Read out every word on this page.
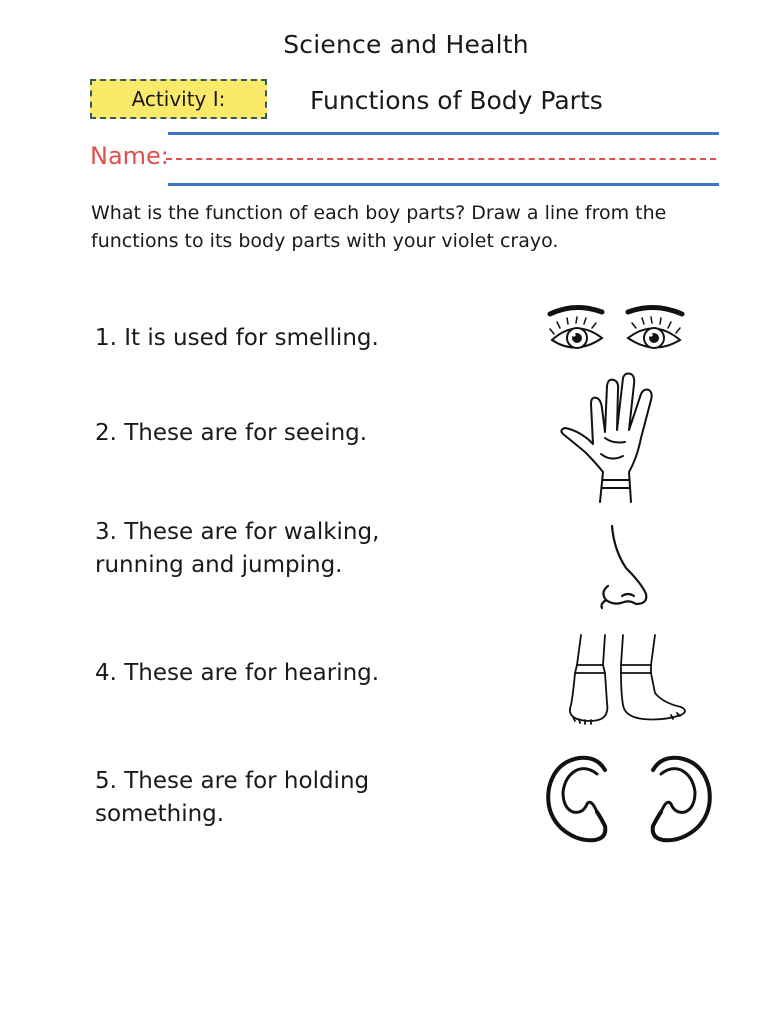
Science and Health
Activity I:	Functions of Body Parts
Name:
What is the function of each boy parts? Draw a line from the functions to its body parts with your violet crayo.
1. It is used for smelling.
2. These are for seeing.
3. These are for walking,
running and jumping.
4. These are for hearing.
5. These are for holding
something.
